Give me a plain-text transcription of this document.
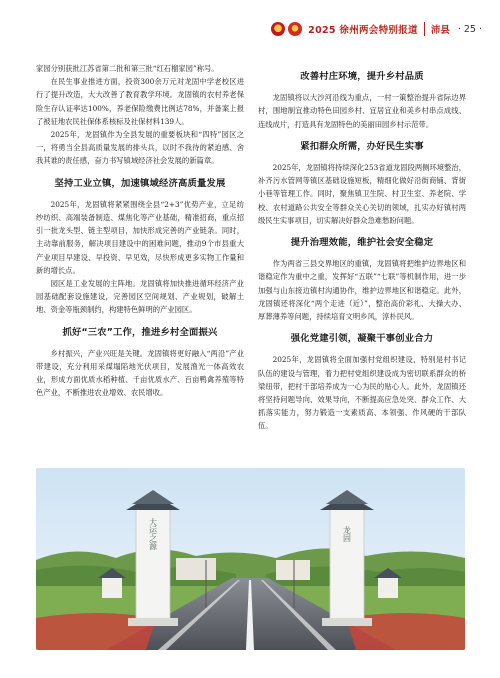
2025 徐州两会特别报道 沛县 · 25 ·

家园分别获批江苏省第二批和第三批“红石榴家园”称号。

在民生事业推进方面，投资300余万元对龙固中学老校区进行了提升改造，大大改善了教育教学环境。龙固镇的农村养老保险生存认证率达100%，养老保险缴费比例达78%，并备案上报了被征地农民社保体系核标及社保材料139人。

2025年，龙固镇作为全县发展的重要板块和“四特”园区之一，将勇当全县高质量发展的排头兵，以时不我待的紧迫感、舍我其谁的责任感，奋力书写镇域经济社会发展的新篇章。

坚持工业立镇，加速镇域经济高质量发展

2025年，龙固镇将紧紧围绕全县“2+3”优势产业，立足纺纱纺织、高端装备制造、煤焦化等产业基础，精准招商，重点招引一批龙头型、链主型项目，加快形成完善的产业链条。同时，主动靠前服务，解决项目建设中的困难问题，推动9个市县重大产业项目早建设、早投资、早见效，尽快形成更多实物工作量和新的增长点。

园区是工业发展的主阵地。龙固镇将加快推进循环经济产业园基础配套设施建设，完善园区空间规划、产业规划，破解土地、资金等瓶颈制约，构建特色鲜明的产业园区。

抓好“三农”工作，推进乡村全面振兴

乡村振兴，产业兴旺是关键。龙固镇将更好融入“两沿”产业带建设，充分利用采煤塌陷地光伏项目，发展渔光一体高效农业，形成方面优质水稻种植、千亩优质水产、百亩鸭禽养殖等特色产业，不断推进农业增效、农民增收。

改善村庄环境，提升乡村品质

龙固镇将以大沙河沿线为重点，一村一策整治提升省际边界村，围地制宜推动特色田园乡村、宜居宜业和美乡村串点成线、连线成片，打造具有龙固特色的美丽田园乡村示范带。

紧扣群众所需，办好民生实事

2025年，龙固镇将持续深化253省道龙固段两侧环境整治，补齐污水管网等镇区基础设施短板，精细化做好沿街商铺、背街小巷等管理工作。同时，聚焦镇卫生院、村卫生室、养老院、学校、农村道路公共安全等群众关心关切的领域，扎实办好镇村两级民生实事项目，切实解决好群众急难愁盼问题。

提升治理效能，维护社会安全稳定

作为两省三县交界地区的重镇，龙固镇将把维护边界地区和谐稳定作为重中之重，发挥好“五联”“七联”等机制作用，进一步加强与山东接边镇村沟通协作，维护边界地区和谐稳定。此外，龙固镇还将深化“两个走进（近）”，整治高价彩礼、大操大办、厚葬薄养等问题，持续培育文明乡风，淳朴民风。

强化党建引领，凝聚干事创业合力

2025年，龙固镇将全面加强村党组织建设，特别是村书记队伍的建设与管理，着力把村党组织建设成为密切联系群众的桥梁纽带，把村干部培养成为一心为民的贴心人。此外，龙固镇还将坚持问题导向、效果导向，不断提高应急处突、群众工作、大抓落实能力，努力锻造一支素质高、本领强、作风硬的干部队伍。

大运之源	龙固
